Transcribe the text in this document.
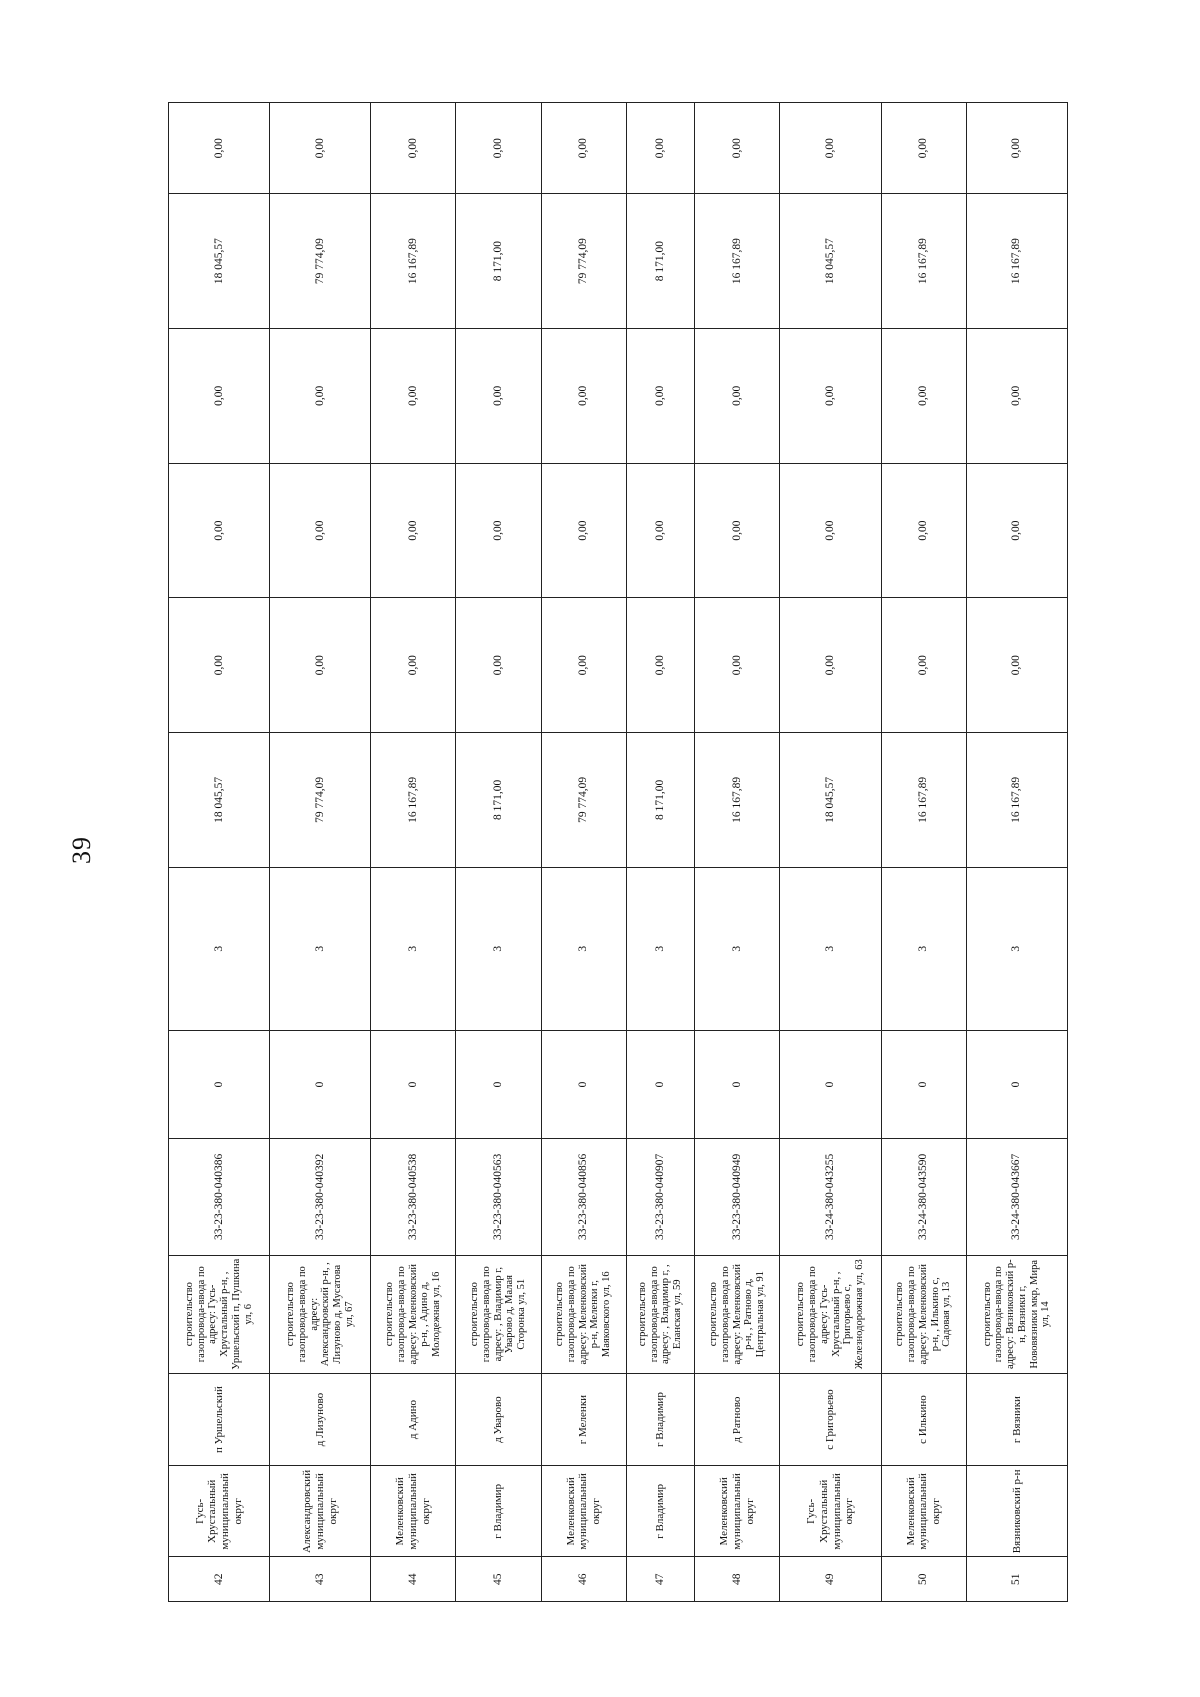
39
42	Гусь-Хрустальный муниципальный округ	п Уршельский	строительство газопровода-ввода по адресу: Гусь-Хрустальный р-н, , Уршельский п, Пушкина ул, 6	33-23-380-040386	0	3	18 045,57	0,00	0,00	0,00	18 045,57	0,00
43	Александровский муниципальный округ	д Лизуново	строительство газопровода-ввода по адресу: Александровский р-н, , Лизуново д, Мусатова ул, 67	33-23-380-040392	0	3	79 774,09	0,00	0,00	0,00	79 774,09	0,00
44	Меленковский муниципальный округ	д Адино	строительство газопровода-ввода по адресу: Меленковский р-н, , Адино д, Молодежная ул, 16	33-23-380-040538	0	3	16 167,89	0,00	0,00	0,00	16 167,89	0,00
45	г Владимир	д Уварово	строительство газопровода-ввода по адресу: , Владимир г, Уварово д, Малая Сторонка ул, 51	33-23-380-040563	0	3	8 171,00	0,00	0,00	0,00	8 171,00	0,00
46	Меленковский муниципальный округ	г Меленки	строительство газопровода-ввода по адресу: Меленковский р-н, Меленки г, Маяковского ул, 16	33-23-380-040856	0	3	79 774,09	0,00	0,00	0,00	79 774,09	0,00
47	г Владимир	г Владимир	строительство газопровода-ввода по адресу: , Владимир г, , Еланская ул, 59	33-23-380-040907	0	3	8 171,00	0,00	0,00	0,00	8 171,00	0,00
48	Меленковский муниципальный округ	д Ратново	строительство газопровода-ввода по адресу: Меленковский р-н, , Ратново д, Центральная ул, 91	33-23-380-040949	0	3	16 167,89	0,00	0,00	0,00	16 167,89	0,00
49	Гусь-Хрустальный муниципальный округ	с Григорьево	строительство газопровода-ввода по адресу: Гусь-Хрустальный р-н, , Григорьево с, Железнодорожная ул, 63	33-24-380-043255	0	3	18 045,57	0,00	0,00	0,00	18 045,57	0,00
50	Меленковский муниципальный округ	с Илькино	строительство газопровода-ввода по адресу: Меленковский р-н, , Илькино с, Садовая ул, 13	33-24-380-043590	0	3	16 167,89	0,00	0,00	0,00	16 167,89	0,00
51	Вязниковский р-н	г Вязники	строительство газопровода-ввода по адресу: Вязниковский р-н, Вязники г, Нововязники мкр, Мира ул, 14	33-24-380-043667	0	3	16 167,89	0,00	0,00	0,00	16 167,89	0,00
